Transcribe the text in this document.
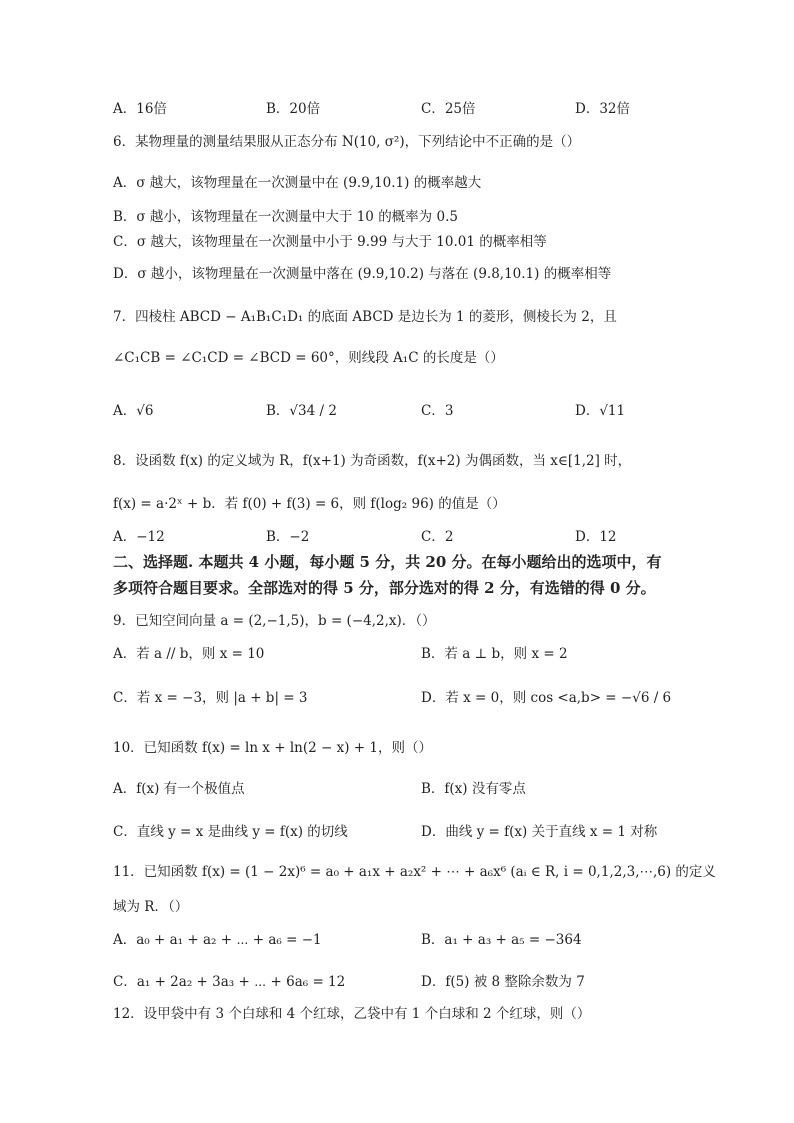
A．16倍	B．20倍	C．25倍	D．32倍
6．某物理量的测量结果服从正态分布 N(10, σ²)，下列结论中不正确的是（）
A．σ 越大，该物理量在一次测量中在 (9.9,10.1) 的概率越大
B．σ 越小，该物理量在一次测量中大于 10 的概率为 0.5
C．σ 越大，该物理量在一次测量中小于 9.99 与大于 10.01 的概率相等
D．σ 越小，该物理量在一次测量中落在 (9.9,10.2) 与落在 (9.8,10.1) 的概率相等
7．四棱柱 ABCD − A₁B₁C₁D₁ 的底面 ABCD 是边长为 1 的菱形，侧棱长为 2，且
∠C₁CB = ∠C₁CD = ∠BCD = 60°，则线段 A₁C 的长度是（）
A．√6	B．√34 / 2	C．3	D．√11
8．设函数 f(x) 的定义域为 R，f(x+1) 为奇函数，f(x+2) 为偶函数，当 x∈[1,2] 时，
f(x) = a·2ˣ + b．若 f(0) + f(3) = 6，则 f(log₂ 96) 的值是（）
A．−12	B．−2	C．2	D．12
二、选择题. 本题共 4 小题，每小题 5 分，共 20 分。在每小题给出的选项中，有
多项符合题目要求。全部选对的得 5 分，部分选对的得 2 分，有选错的得 0 分。
9．已知空间向量 a = (2,−1,5)，b = (−4,2,x)．（）
A．若 a // b，则 x = 10	B．若 a ⊥ b，则 x = 2
C．若 x = −3，则 |a + b| = 3	D．若 x = 0，则 cos <a,b> = −√6 / 6
10．已知函数 f(x) = ln x + ln(2 − x) + 1，则（）
A．f(x) 有一个极值点	B．f(x) 没有零点
C．直线 y = x 是曲线 y = f(x) 的切线	D．曲线 y = f(x) 关于直线 x = 1 对称
11．已知函数 f(x) = (1 − 2x)⁶ = a₀ + a₁x + a₂x² + ⋯ + a₆x⁶ (aᵢ ∈ R, i = 0,1,2,3,⋯,6) 的定义
域为 R．（）
A．a₀ + a₁ + a₂ + ⋯ + a₆ = −1	B．a₁ + a₃ + a₅ = −364
C．a₁ + 2a₂ + 3a₃ + ⋯ + 6a₆ = 12	D．f(5) 被 8 整除余数为 7
12．设甲袋中有 3 个白球和 4 个红球，乙袋中有 1 个白球和 2 个红球，则（）
